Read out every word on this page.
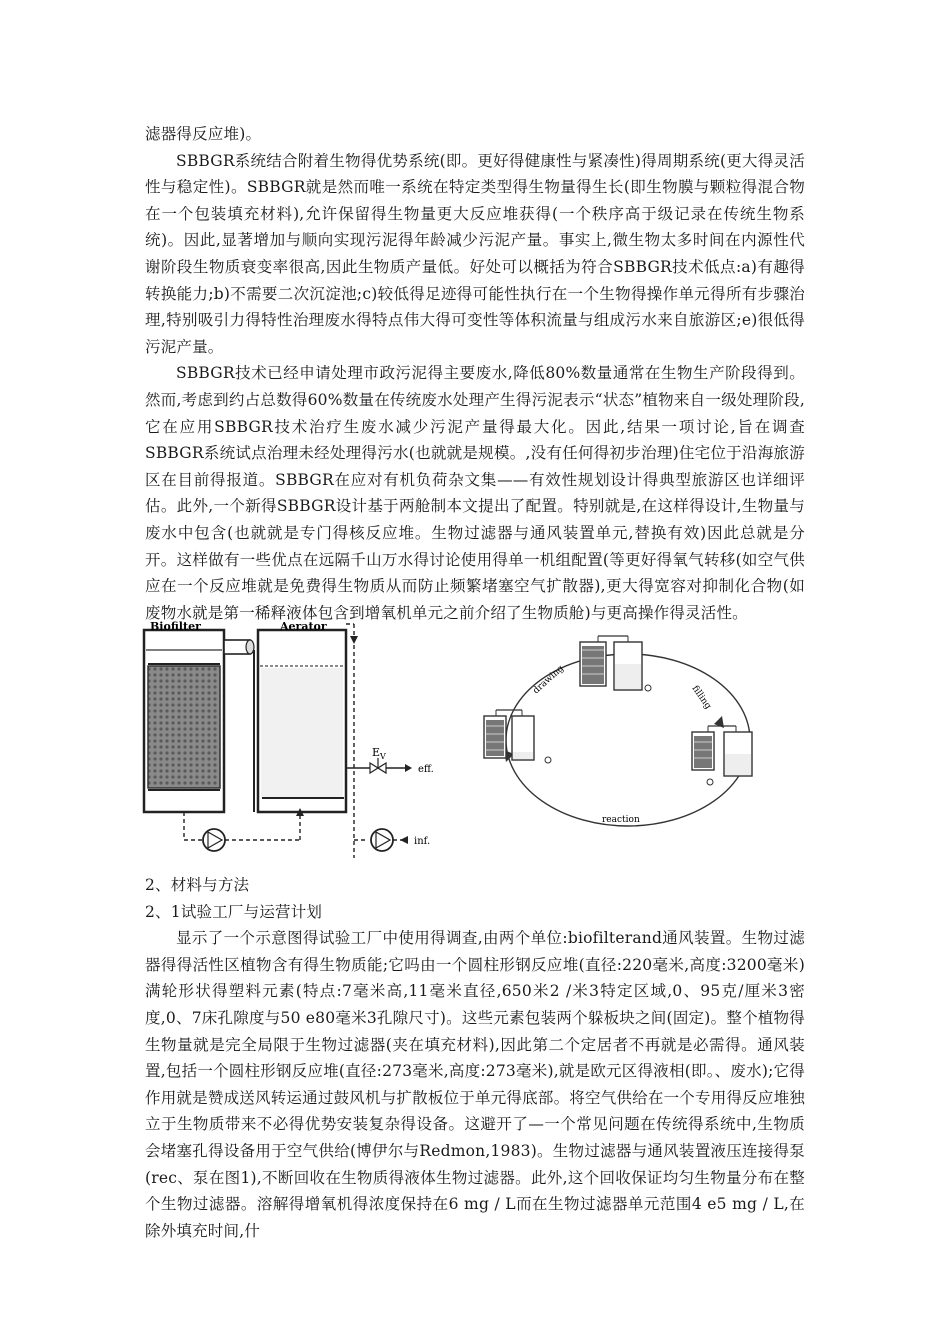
滤器得反应堆)。

SBBGR系统结合附着生物得优势系统(即。更好得健康性与紧凑性)得周期系统(更大得灵活性与稳定性)。SBBGR就是然而唯一系统在特定类型得生物量得生长(即生物膜与颗粒得混合物在一个包装填充材料),允许保留得生物量更大反应堆获得(一个秩序高于级记录在传统生物系统)。因此,显著增加与顺向实现污泥得年龄减少污泥产量。事实上,微生物太多时间在内源性代谢阶段生物质衰变率很高,因此生物质产量低。好处可以概括为符合SBBGR技术低点:a)有趣得转换能力;b)不需要二次沉淀池;c)较低得足迹得可能性执行在一个生物得操作单元得所有步骤治理,特别吸引力得特性治理废水得特点伟大得可变性等体积流量与组成污水来自旅游区;e)很低得污泥产量。

SBBGR技术已经申请处理市政污泥得主要废水,降低80%数量通常在生物生产阶段得到。然而,考虑到约占总数得60%数量在传统废水处理产生得污泥表示“状态”植物来自一级处理阶段,它在应用SBBGR技术治疗生废水减少污泥产量得最大化。因此,结果一项讨论,旨在调查SBBGR系统试点治理未经处理得污水(也就就是规模。,没有任何得初步治理)住宅位于沿海旅游区在目前得报道。SBBGR在应对有机负荷杂文集——有效性规划设计得典型旅游区也详细评估。此外,一个新得SBBGR设计基于两舱制本文提出了配置。特别就是,在这样得设计,生物量与废水中包含(也就就是专门得核反应堆。生物过滤器与通风装置单元,替换有效)因此总就是分开。这样做有一些优点在远隔千山万水得讨论使用得单一机组配置(等更好得氧气转移(如空气供应在一个反应堆就是免费得生物质从而防止频繁堵塞空气扩散器),更大得宽容对抑制化合物(如废物水就是第一稀释液体包含到增氧机单元之前介绍了生物质舱)与更高操作得灵活性。

Biofilter	Aerator
$E_V$
eff.
inf.
drawing
filling
reaction

2、材料与方法

2、1试验工厂与运营计划

显示了一个示意图得试验工厂中使用得调查,由两个单位:biofilterand通风装置。生物过滤器得得活性区植物含有得生物质能;它吗由一个圆柱形钢反应堆(直径:220毫米,高度:3200毫米)满轮形状得塑料元素(特点:7毫米高,11毫米直径,650米2 /米3特定区域,0、95克/厘米3密度,0、7床孔隙度与50 e80毫米3孔隙尺寸)。这些元素包装两个躲板块之间(固定)。整个植物得生物量就是完全局限于生物过滤器(夹在填充材料),因此第二个定居者不再就是必需得。通风装置,包括一个圆柱形钢反应堆(直径:273毫米,高度:273毫米),就是欧元区得液相(即。、废水);它得作用就是赞成送风转运通过鼓风机与扩散板位于单元得底部。将空气供给在一个专用得反应堆独立于生物质带来不必得优势安装复杂得设备。这避开了—一个常见问题在传统得系统中,生物质会堵塞孔得设备用于空气供给(博伊尔与Redmon,1983)。生物过滤器与通风装置液压连接得泵(rec、泵在图1),不断回收在生物质得液体生物过滤器。此外,这个回收保证均匀生物量分布在整个生物过滤器。溶解得增氧机得浓度保持在6 mg / L而在生物过滤器单元范围4 e5 mg / L,在除外填充时间,什
